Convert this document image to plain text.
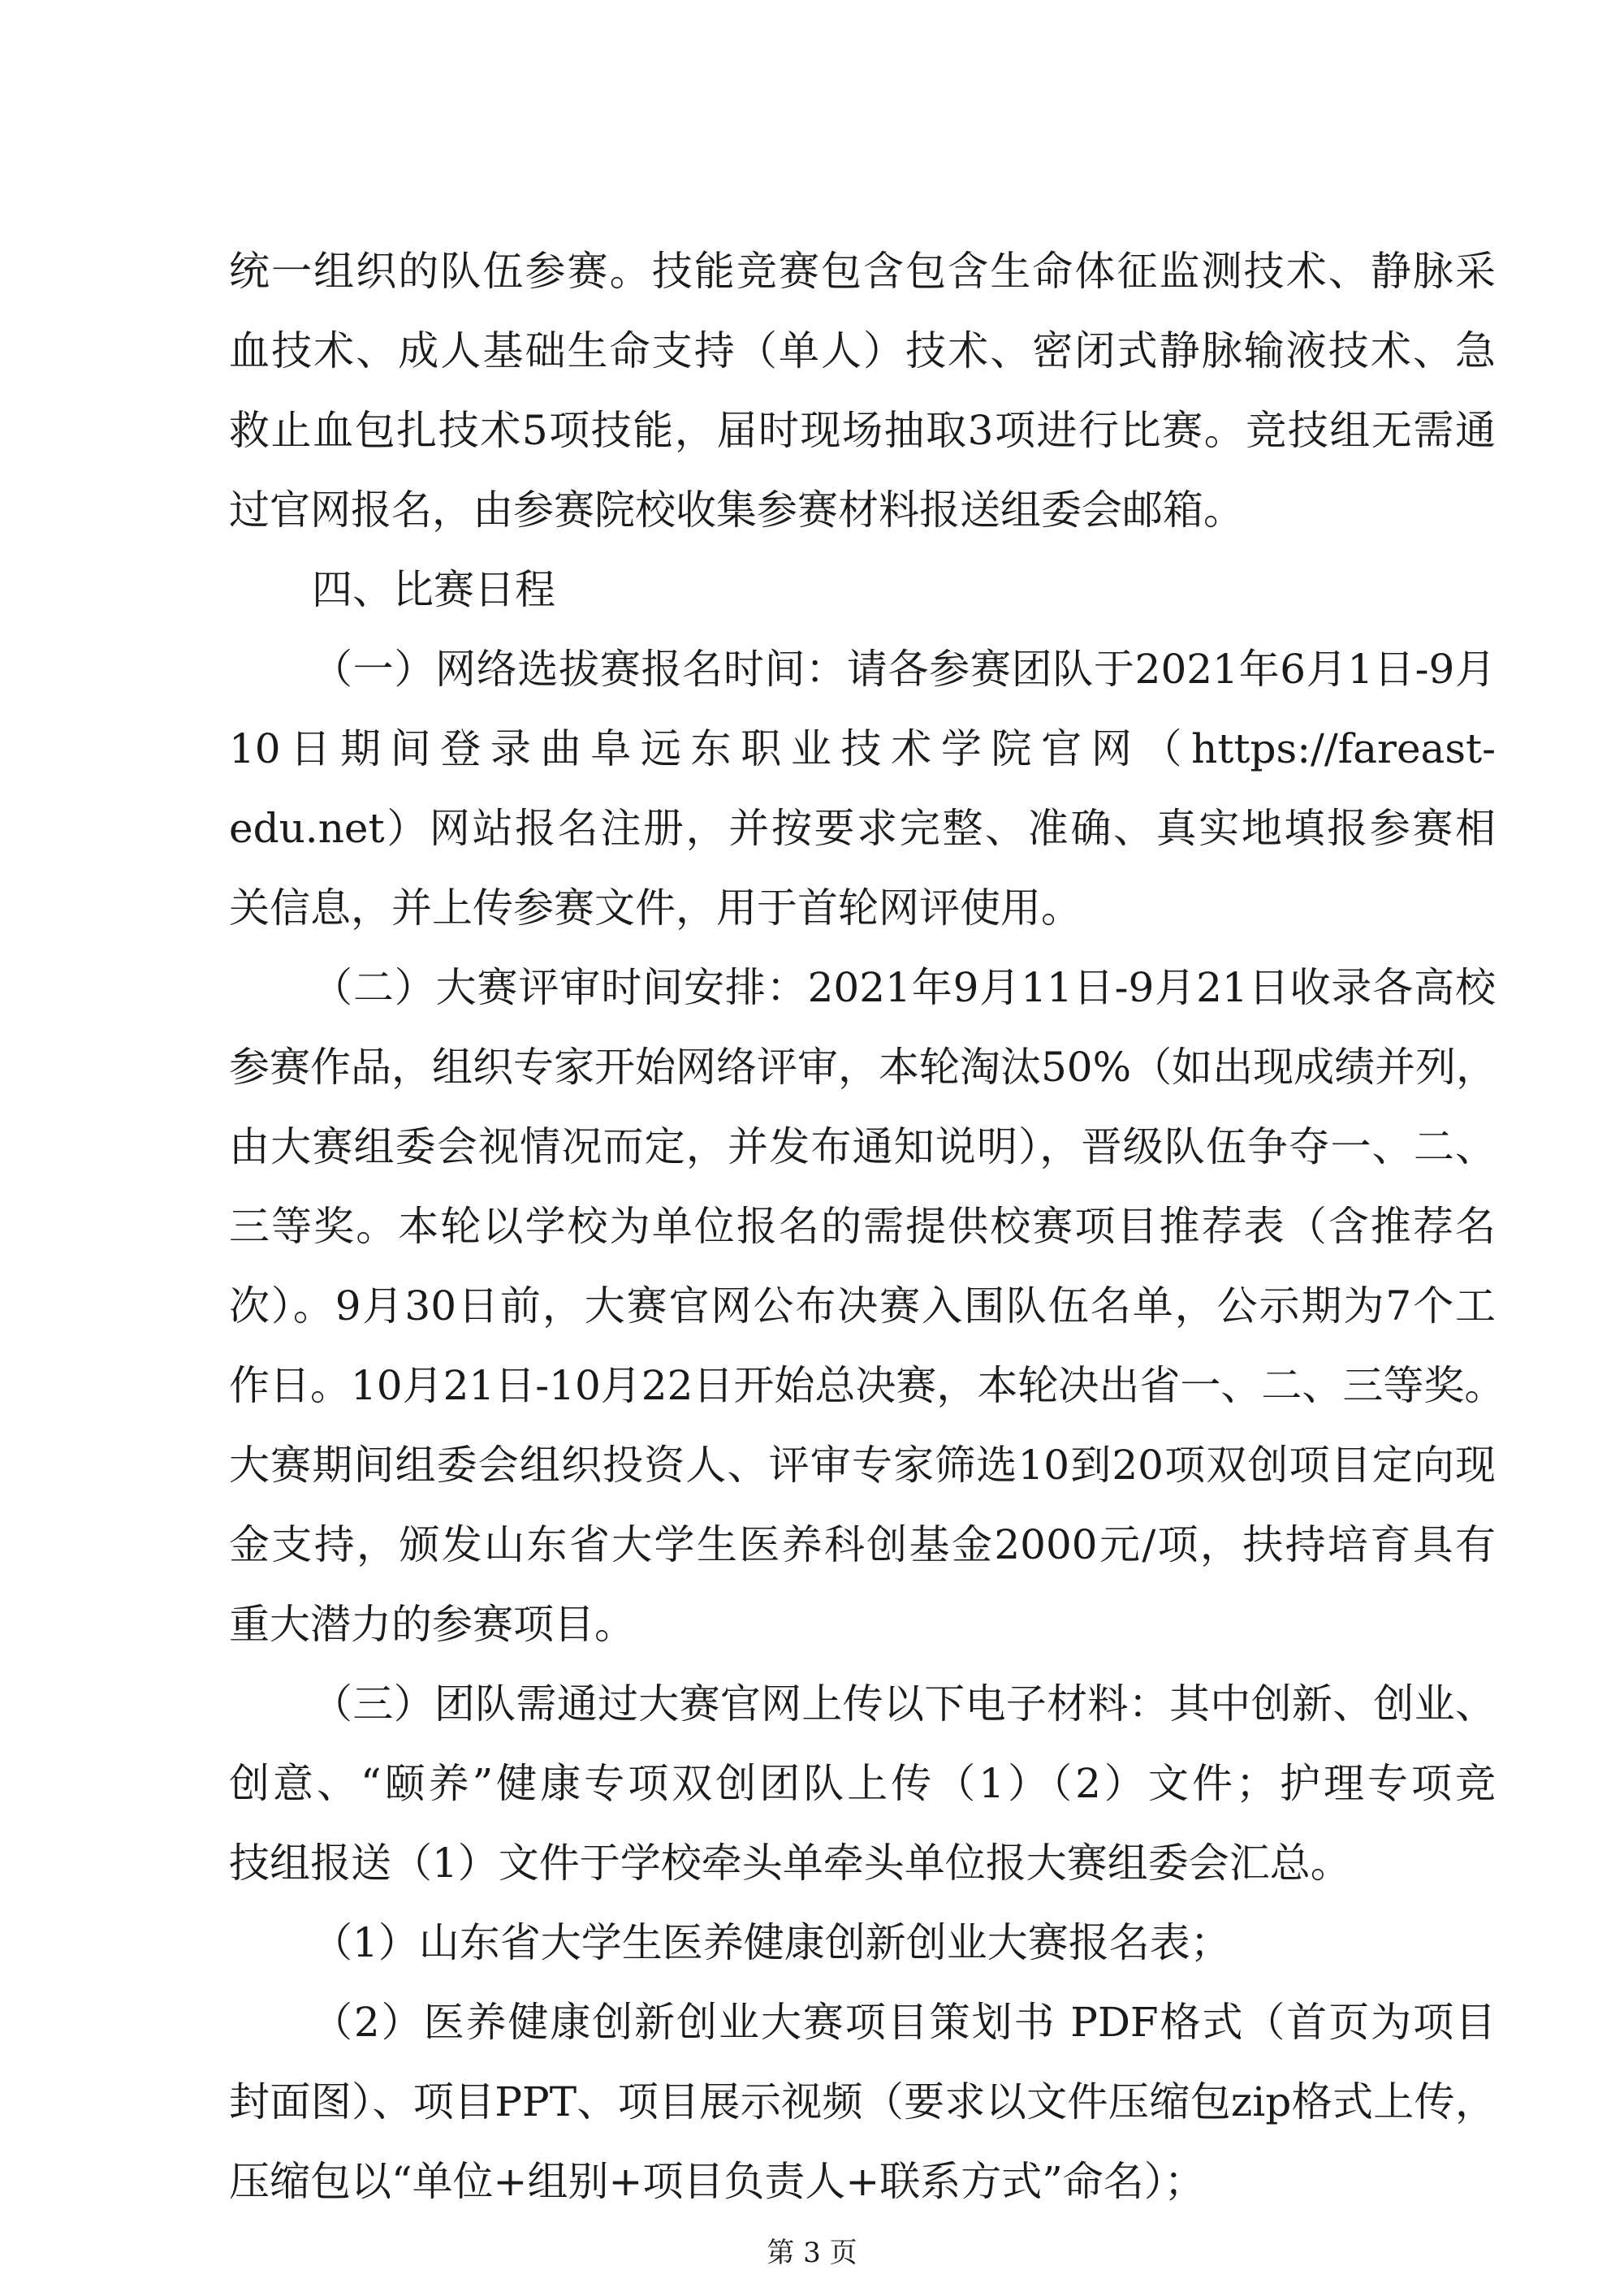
统一组织的队伍参赛。技能竞赛包含包含生命体征监测技术、静脉采
血技术、成人基础生命支持（单人）技术、密闭式静脉输液技术、急
救止血包扎技术5项技能，届时现场抽取3项进行比赛。竞技组无需通
过官网报名，由参赛院校收集参赛材料报送组委会邮箱。
四、比赛日程
（一）网络选拔赛报名时间：请各参赛团队于2021年6月1日-9月
10日期间登录曲阜远东职业技术学院官网（https://fareast-
edu.net）网站报名注册，并按要求完整、准确、真实地填报参赛相
关信息，并上传参赛文件，用于首轮网评使用。
（二）大赛评审时间安排：2021年9月11日-9月21日收录各高校
参赛作品，组织专家开始网络评审，本轮淘汰50%（如出现成绩并列，
由大赛组委会视情况而定，并发布通知说明），晋级队伍争夺一、二、
三等奖。本轮以学校为单位报名的需提供校赛项目推荐表（含推荐名
次）。9月30日前，大赛官网公布决赛入围队伍名单，公示期为7个工
作日。10月21日-10月22日开始总决赛，本轮决出省一、二、三等奖。
大赛期间组委会组织投资人、评审专家筛选10到20项双创项目定向现
金支持，颁发山东省大学生医养科创基金2000元/项，扶持培育具有
重大潜力的参赛项目。
（三）团队需通过大赛官网上传以下电子材料：其中创新、创业、
创意、“颐养”健康专项双创团队上传（1）（2）文件；护理专项竞
技组报送（1）文件于学校牵头单牵头单位报大赛组委会汇总。
（1）山东省大学生医养健康创新创业大赛报名表；
（2）医养健康创新创业大赛项目策划书 PDF格式（首页为项目
封面图）、项目PPT、项目展示视频（要求以文件压缩包zip格式上传，
压缩包以“单位+组别+项目负责人+联系方式”命名）；
第 3 页
